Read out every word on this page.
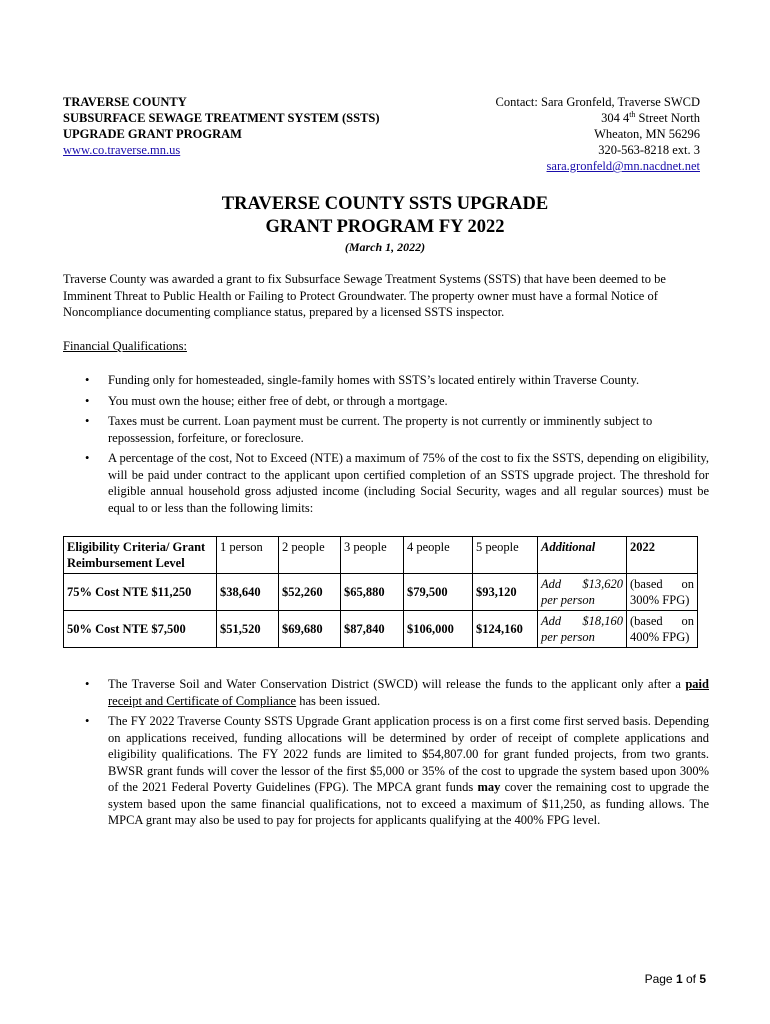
TRAVERSE COUNTY
SUBSURFACE SEWAGE TREATMENT SYSTEM (SSTS)
UPGRADE GRANT PROGRAM
www.co.traverse.mn.us
Contact: Sara Gronfeld, Traverse SWCD
304 4th Street North
Wheaton, MN 56296
320-563-8218 ext. 3
sara.gronfeld@mn.nacdnet.net
TRAVERSE COUNTY SSTS UPGRADE
GRANT PROGRAM FY 2022
(March 1, 2022)
Traverse County was awarded a grant to fix Subsurface Sewage Treatment Systems (SSTS) that have been deemed to be Imminent Threat to Public Health or Failing to Protect Groundwater. The property owner must have a formal Notice of Noncompliance documenting compliance status, prepared by a licensed SSTS inspector.
Financial Qualifications:
• Funding only for homesteaded, single-family homes with SSTS’s located entirely within Traverse County.
• You must own the house; either free of debt, or through a mortgage.
• Taxes must be current. Loan payment must be current. The property is not currently or imminently subject to repossession, forfeiture, or foreclosure.
• A percentage of the cost, Not to Exceed (NTE) a maximum of 75% of the cost to fix the SSTS, depending on eligibility, will be paid under contract to the applicant upon certified completion of an SSTS upgrade project. The threshold for eligible annual household gross adjusted income (including Social Security, wages and all regular sources) must be equal to or less than the following limits:
Eligibility Criteria/ Grant Reimbursement Level	1 person	2 people	3 people	4 people	5 people	Additional	2022
75% Cost NTE $11,250	$38,640	$52,260	$65,880	$79,500	$93,120	Add $13,620 per person	(based on 300% FPG)
50% Cost NTE $7,500	$51,520	$69,680	$87,840	$106,000	$124,160	Add $18,160 per person	(based on 400% FPG)
• The Traverse Soil and Water Conservation District (SWCD) will release the funds to the applicant only after a paid receipt and Certificate of Compliance has been issued.
• The FY 2022 Traverse County SSTS Upgrade Grant application process is on a first come first served basis. Depending on applications received, funding allocations will be determined by order of receipt of complete applications and eligibility qualifications. The FY 2022 funds are limited to $54,807.00 for grant funded projects, from two grants. BWSR grant funds will cover the lessor of the first $5,000 or 35% of the cost to upgrade the system based upon 300% of the 2021 Federal Poverty Guidelines (FPG). The MPCA grant funds may cover the remaining cost to upgrade the system based upon the same financial qualifications, not to exceed a maximum of $11,250, as funding allows. The MPCA grant may also be used to pay for projects for applicants qualifying at the 400% FPG level.
Page 1 of 5
